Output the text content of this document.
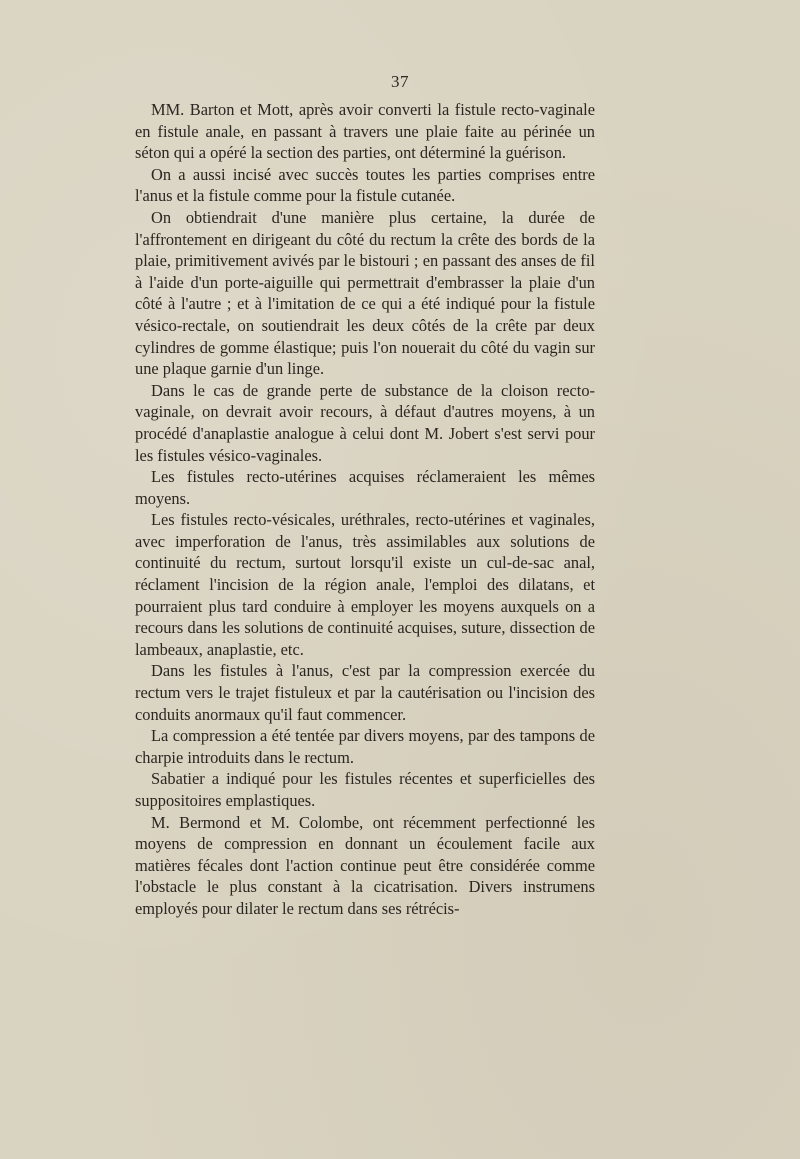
37

MM. Barton et Mott, après avoir converti la fistule recto-vaginale en fistule anale, en passant à travers une plaie faite au périnée un séton qui a opéré la section des parties, ont déterminé la guérison.

On a aussi incisé avec succès toutes les parties comprises entre l'anus et la fistule comme pour la fistule cutanée.

On obtiendrait d'une manière plus certaine, la durée de l'affrontement en dirigeant du côté du rectum la crête des bords de la plaie, primitivement avivés par le bistouri ; en passant des anses de fil à l'aide d'un porte-aiguille qui permettrait d'embrasser la plaie d'un côté à l'autre ; et à l'imitation de ce qui a été indiqué pour la fistule vésico-rectale, on soutiendrait les deux côtés de la crête par deux cylindres de gomme élastique; puis l'on nouerait du côté du vagin sur une plaque garnie d'un linge.

Dans le cas de grande perte de substance de la cloison recto-vaginale, on devrait avoir recours, à défaut d'autres moyens, à un procédé d'anaplastie analogue à celui dont M. Jobert s'est servi pour les fistules vésico-vaginales.

Les fistules recto-utérines acquises réclameraient les mêmes moyens.

Les fistules recto-vésicales, uréthrales, recto-utérines et vaginales, avec imperforation de l'anus, très assimilables aux solutions de continuité du rectum, surtout lorsqu'il existe un cul-de-sac anal, réclament l'incision de la région anale, l'emploi des dilatans, et pourraient plus tard conduire à employer les moyens auxquels on a recours dans les solutions de continuité acquises, suture, dissection de lambeaux, anaplastie, etc.

Dans les fistules à l'anus, c'est par la compression exercée du rectum vers le trajet fistuleux et par la cautérisation ou l'incision des conduits anormaux qu'il faut commencer.

La compression a été tentée par divers moyens, par des tampons de charpie introduits dans le rectum.

Sabatier a indiqué pour les fistules récentes et superficielles des suppositoires emplastiques.

M. Bermond et M. Colombe, ont récemment perfectionné les moyens de compression en donnant un écoulement facile aux matières fécales dont l'action continue peut être considérée comme l'obstacle le plus constant à la cicatrisation. Divers instrumens employés pour dilater le rectum dans ses rétrécis-
